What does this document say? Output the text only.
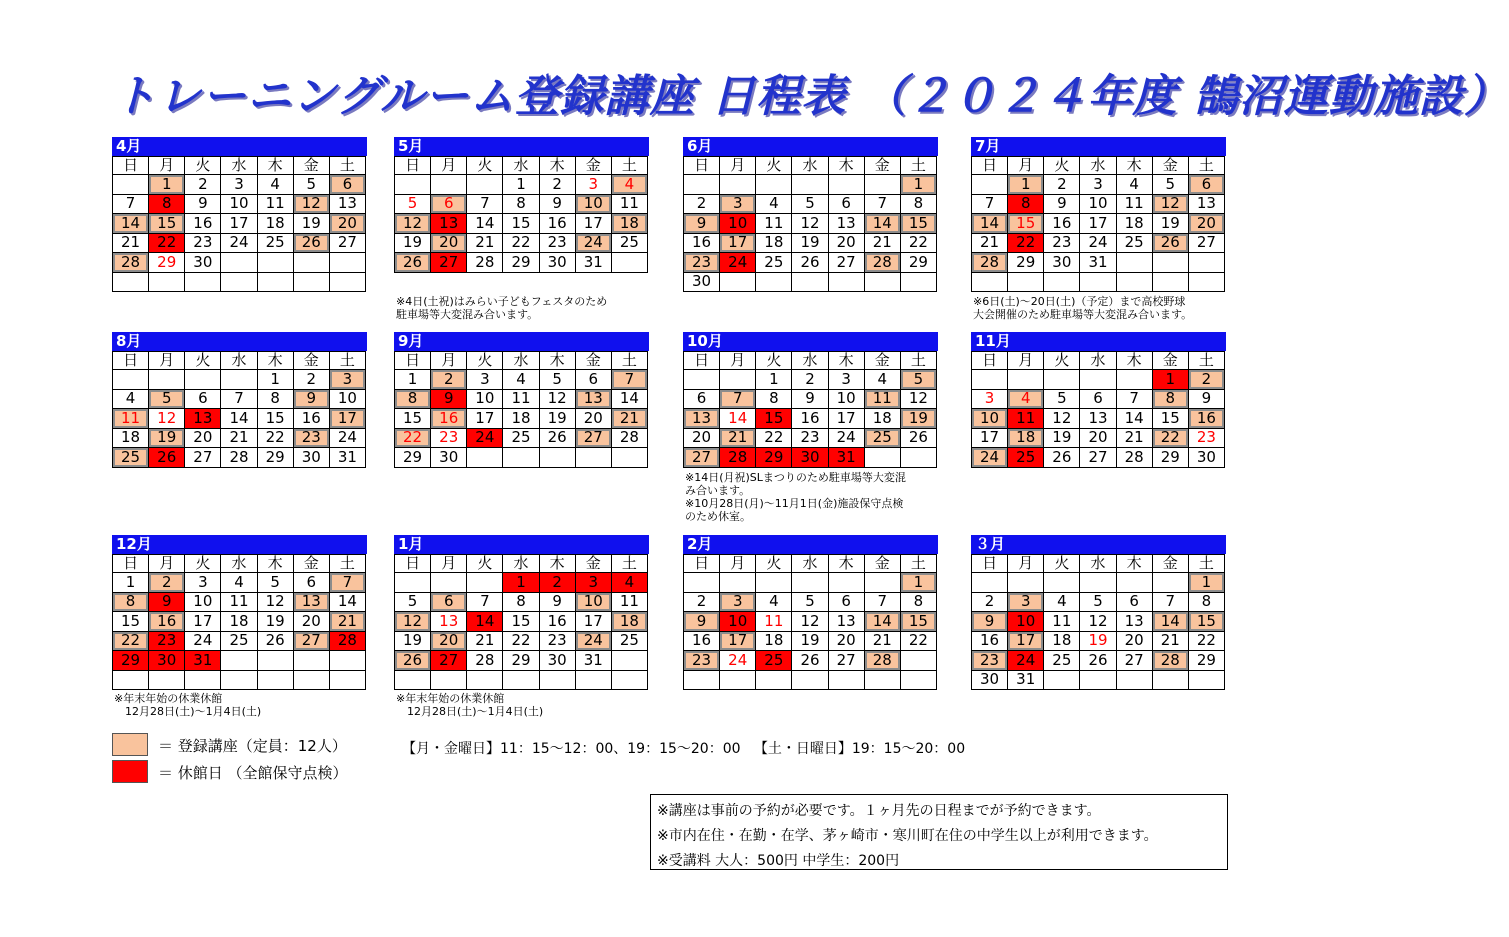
トレーニングルーム登録講座 日程表 （２０２４年度 鵠沼運動施設）
4月
日	月	火	水	木	金	土
	1	2	3	4	5	6
7	8	9	10	11	12	13
14	15	16	17	18	19	20
21	22	23	24	25	26	27
28	29	30				

5月
日	月	火	水	木	金	土
			1	2	3	4
5	6	7	8	9	10	11
12	13	14	15	16	17	18
19	20	21	22	23	24	25
26	27	28	29	30	31	
※4日(土祝)はみらい子どもフェスタのため
駐車場等大変混み合います。
6月
日	月	火	水	木	金	土
						1
2	3	4	5	6	7	8
9	10	11	12	13	14	15
16	17	18	19	20	21	22
23	24	25	26	27	28	29
30						
7月
日	月	火	水	木	金	土
	1	2	3	4	5	6
7	8	9	10	11	12	13
14	15	16	17	18	19	20
21	22	23	24	25	26	27
28	29	30	31			

※6日(土)～20日(土)（予定）まで高校野球
大会開催のため駐車場等大変混み合います。
8月
日	月	火	水	木	金	土
				1	2	3
4	5	6	7	8	9	10
11	12	13	14	15	16	17
18	19	20	21	22	23	24
25	26	27	28	29	30	31
9月
日	月	火	水	木	金	土
1	2	3	4	5	6	7
8	9	10	11	12	13	14
15	16	17	18	19	20	21
22	23	24	25	26	27	28
29	30					
10月
日	月	火	水	木	金	土
		1	2	3	4	5
6	7	8	9	10	11	12
13	14	15	16	17	18	19
20	21	22	23	24	25	26
27	28	29	30	31		
※14日(月祝)SLまつりのため駐車場等大変混
み合います。
※10月28日(月)～11月1日(金)施設保守点検
のため休室。
11月
日	月	火	水	木	金	土
					1	2
3	4	5	6	7	8	9
10	11	12	13	14	15	16
17	18	19	20	21	22	23
24	25	26	27	28	29	30
12月
日	月	火	水	木	金	土
1	2	3	4	5	6	7
8	9	10	11	12	13	14
15	16	17	18	19	20	21
22	23	24	25	26	27	28
29	30	31				

※年末年始の休業休館
　12月28日(土)～1月4日(土)
1月
日	月	火	水	木	金	土
			1	2	3	4
5	6	7	8	9	10	11
12	13	14	15	16	17	18
19	20	21	22	23	24	25
26	27	28	29	30	31	

※年末年始の休業休館
　12月28日(土)～1月4日(土)
2月
日	月	火	水	木	金	土
						1
2	3	4	5	6	7	8
9	10	11	12	13	14	15
16	17	18	19	20	21	22
23	24	25	26	27	28	

３月
日	月	火	水	木	金	土
						1
2	3	4	5	6	7	8
9	10	11	12	13	14	15
16	17	18	19	20	21	22
23	24	25	26	27	28	29
30	31					
＝ 登録講座（定員：12人）
＝ 休館日 （全館保守点検）
【月・金曜日】11：15～12：00、19：15～20：00   【土・日曜日】19：15～20：00
※講座は事前の予約が必要です。１ヶ月先の日程までが予約できます。
※市内在住・在勤・在学、茅ヶ崎市・寒川町在住の中学生以上が利用できます。
※受講料 大人：500円 中学生：200円
